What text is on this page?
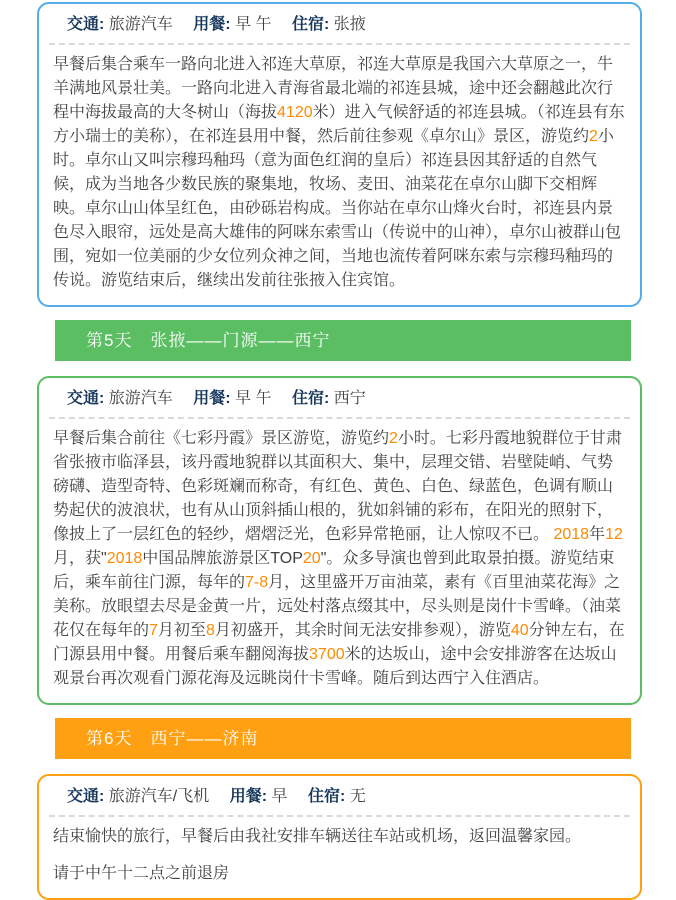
交通: 旅游汽车 用餐: 早 午 住宿: 张掖

早餐后集合乘车一路向北进入祁连大草原，祁连大草原是我国六大草原之一，牛羊满地风景壮美。一路向北进入青海省最北端的祁连县城，途中还会翻越此次行程中海拔最高的大冬树山（海拔4120米）进入气候舒适的祁连县城。（祁连县有东方小瑞士的美称），在祁连县用中餐，然后前往参观《卓尔山》景区，游览约2小时。卓尔山又叫宗穆玛釉玛（意为面色红润的皇后）祁连县因其舒适的自然气候，成为当地各少数民族的聚集地，牧场、麦田、油菜花在卓尔山脚下交相辉映。卓尔山山体呈红色，由砂砾岩构成。当你站在卓尔山烽火台时，祁连县内景色尽入眼帘，远处是高大雄伟的阿咪东索雪山（传说中的山神），卓尔山被群山包围，宛如一位美丽的少女位列众神之间，当地也流传着阿咪东索与宗穆玛釉玛的传说。游览结束后，继续出发前往张掖入住宾馆。

第5天　张掖——门源——西宁
交通: 旅游汽车 用餐: 早 午 住宿: 西宁

早餐后集合前往《七彩丹霞》景区游览，游览约2小时。七彩丹霞地貌群位于甘肃省张掖市临泽县，该丹霞地貌群以其面积大、集中，层理交错、岩壁陡峭、气势磅礴、造型奇特、色彩斑斓而称奇，有红色、黄色、白色、绿蓝色，色调有顺山势起伏的波浪状，也有从山顶斜插山根的，犹如斜铺的彩布，在阳光的照射下，像披上了一层红色的轻纱，熠熠泛光，色彩异常艳丽，让人惊叹不已。 2018年12月，获"2018中国品牌旅游景区TOP20"。众多导演也曾到此取景拍摄。游览结束后，乘车前往门源，每年的7-8月，这里盛开万亩油菜，素有《百里油菜花海》之美称。放眼望去尽是金黄一片，远处村落点缀其中，尽头则是岗什卡雪峰。（油菜花仅在每年的7月初至8月初盛开，其余时间无法安排参观），游览40分钟左右，在门源县用中餐。用餐后乘车翻阅海拔3700米的达坂山，途中会安排游客在达坂山观景台再次观看门源花海及远眺岗什卡雪峰。随后到达西宁入住酒店。

第6天　西宁——济南
交通: 旅游汽车/飞机 用餐: 早 住宿: 无

结束愉快的旅行，早餐后由我社安排车辆送往车站或机场，返回温馨家园。

请于中午十二点之前退房
